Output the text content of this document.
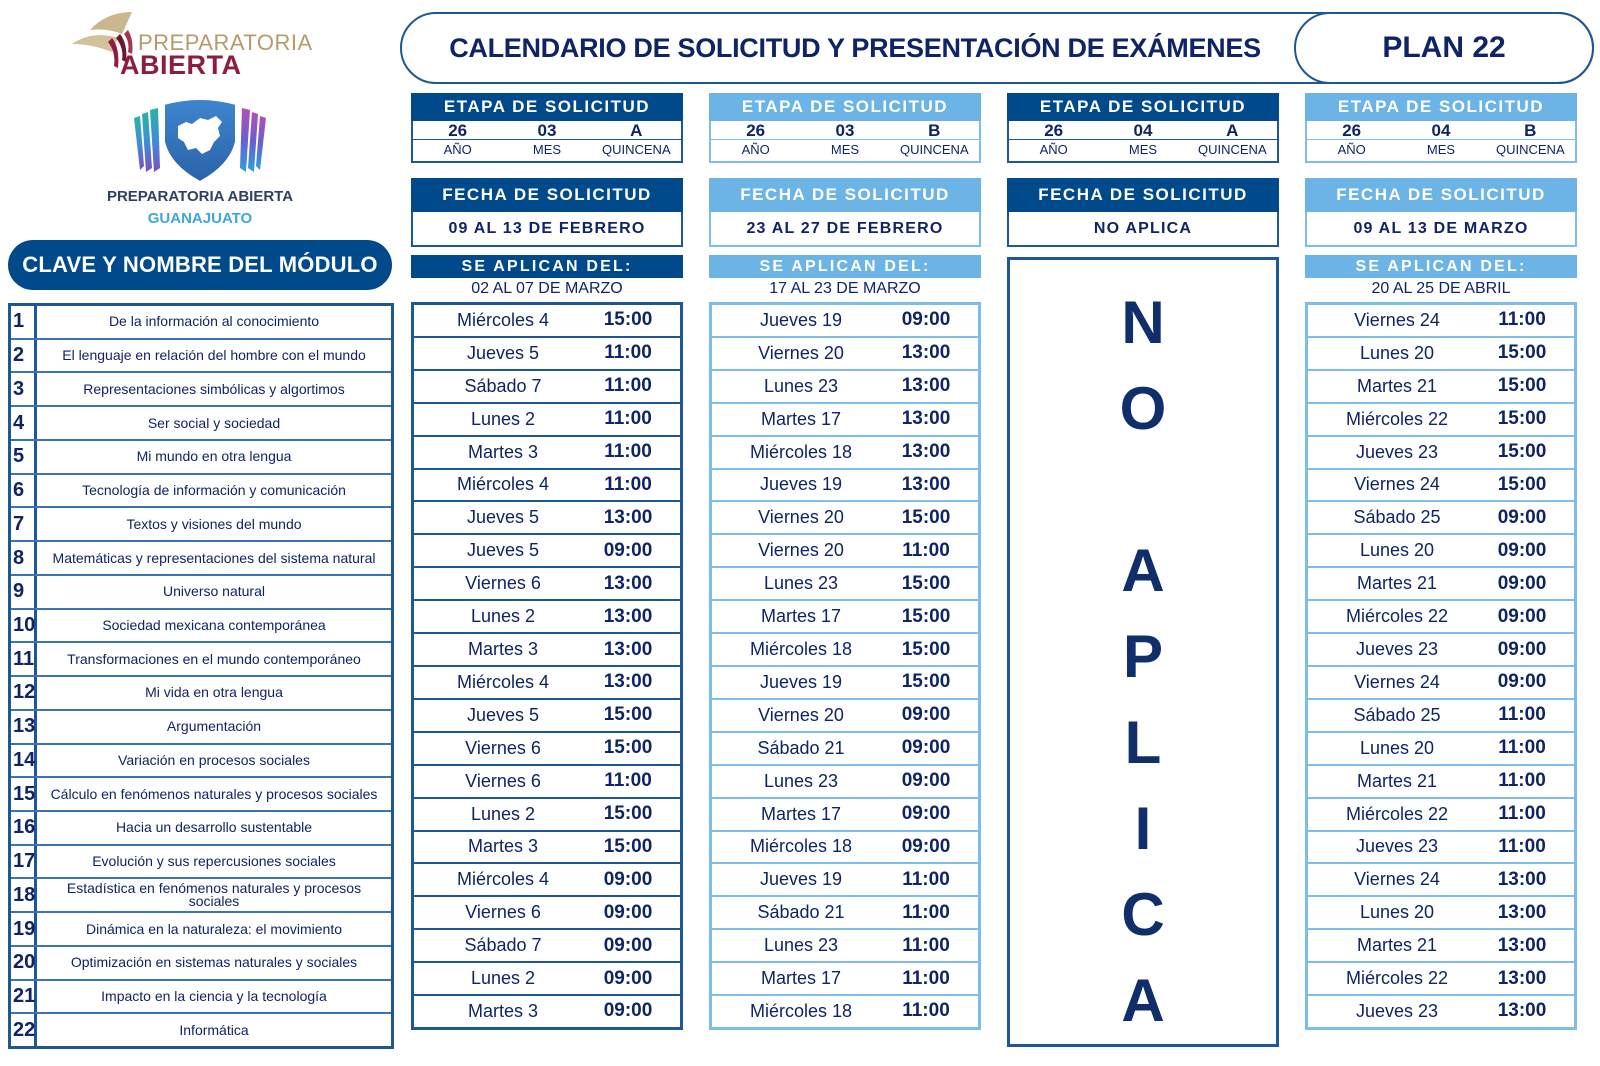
PREPARATORIA
ABIERTA
PREPARATORIA ABIERTA
GUANAJUATO
CLAVE Y NOMBRE DEL MÓDULO
1	De la información al conocimiento
2	El lenguaje en relación del hombre con el mundo
3	Representaciones simbólicas y algortimos
4	Ser social y sociedad
5	Mi mundo en otra lengua
6	Tecnología de información y comunicación
7	Textos y visiones del mundo
8	Matemáticas y representaciones del sistema natural
9	Universo natural
10	Sociedad mexicana contemporánea
11	Transformaciones en el mundo contemporáneo
12	Mi vida en otra lengua
13	Argumentación
14	Variación en procesos sociales
15	Cálculo en fenómenos naturales y procesos sociales
16	Hacia un desarrollo sustentable
17	Evolución y sus repercusiones sociales
18	Estadística en fenómenos naturales y procesos sociales
19	Dinámica en la naturaleza: el movimiento
20	Optimización en sistemas naturales y sociales
21	Impacto en la ciencia y la tecnología
22	Informática
CALENDARIO DE SOLICITUD Y PRESENTACIÓN DE EXÁMENES	PLAN 22
ETAPA DE SOLICITUD
26	03	A
AÑO	MES	QUINCENA
FECHA DE SOLICITUD
09 AL 13 DE FEBRERO
SE APLICAN DEL:
02 AL 07 DE MARZO
Miércoles 4	15:00
Jueves 5	11:00
Sábado 7	11:00
Lunes 2	11:00
Martes 3	11:00
Miércoles 4	11:00
Jueves 5	13:00
Jueves 5	09:00
Viernes 6	13:00
Lunes 2	13:00
Martes 3	13:00
Miércoles 4	13:00
Jueves 5	15:00
Viernes 6	15:00
Viernes 6	11:00
Lunes 2	15:00
Martes 3	15:00
Miércoles 4	09:00
Viernes 6	09:00
Sábado 7	09:00
Lunes 2	09:00
Martes 3	09:00
ETAPA DE SOLICITUD
26	03	B
AÑO	MES	QUINCENA
FECHA DE SOLICITUD
23 AL 27 DE FEBRERO
SE APLICAN DEL:
17 AL 23 DE MARZO
Jueves 19	09:00
Viernes 20	13:00
Lunes 23	13:00
Martes 17	13:00
Miércoles 18	13:00
Jueves 19	13:00
Viernes 20	15:00
Viernes 20	11:00
Lunes 23	15:00
Martes 17	15:00
Miércoles 18	15:00
Jueves 19	15:00
Viernes 20	09:00
Sábado 21	09:00
Lunes 23	09:00
Martes 17	09:00
Miércoles 18	09:00
Jueves 19	11:00
Sábado 21	11:00
Lunes 23	11:00
Martes 17	11:00
Miércoles 18	11:00
ETAPA DE SOLICITUD
26	04	A
AÑO	MES	QUINCENA
FECHA DE SOLICITUD
NO APLICA
N
O
A
P
L
I
C
A
ETAPA DE SOLICITUD
26	04	B
AÑO	MES	QUINCENA
FECHA DE SOLICITUD
09 AL 13 DE MARZO
SE APLICAN DEL:
20 AL 25 DE ABRIL
Viernes 24	11:00
Lunes 20	15:00
Martes 21	15:00
Miércoles 22	15:00
Jueves 23	15:00
Viernes 24	15:00
Sábado 25	09:00
Lunes 20	09:00
Martes 21	09:00
Miércoles 22	09:00
Jueves 23	09:00
Viernes 24	09:00
Sábado 25	11:00
Lunes 20	11:00
Martes 21	11:00
Miércoles 22	11:00
Jueves 23	11:00
Viernes 24	13:00
Lunes 20	13:00
Martes 21	13:00
Miércoles 22	13:00
Jueves 23	13:00
